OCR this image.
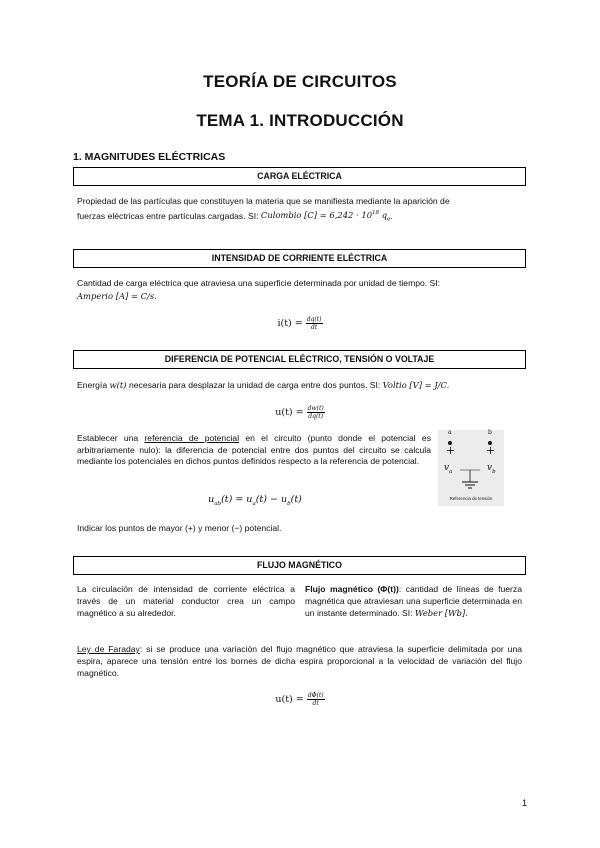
TEORÍA DE CIRCUITOS
TEMA 1. INTRODUCCIÓN
1. MAGNITUDES ELÉCTRICAS
CARGA ELÉCTRICA
Propiedad de las partículas que constituyen la materia que se manifiesta mediante la aparición de
fuerzas eléctricas entre partículas cargadas. SI: Culombio $[C] = 6,242 \cdot 10^{18}$ $q_e$.
INTENSIDAD DE CORRIENTE ELÉCTRICA
Cantidad de carga eléctrica que atraviesa una superficie determinada por unidad de tiempo. SI:
Amperio [A] = C/s.
$i(t) = \frac{dq(t)}{dt}$
DIFERENCIA DE POTENCIAL ELÉCTRICO, TENSIÓN O VOLTAJE
Energía w(t) necesaria para desplazar la unidad de carga entre dos puntos. SI: Voltio [V] = J/C.
$u(t) = \frac{dw(t)}{dq(t)}$
Establecer una referencia de potencial en el circuito (punto donde el potencial es arbitrariamente nulo): la diferencia de potencial entre dos puntos del circuito se calcula mediante los potenciales en dichos puntos definidos respecto a la referencia de potencial.
$u_{ab}(t) = u_a(t) - u_b(t)$
a	b
+	+
$v_a$	$v_b$
Referencia de tensión
Indicar los puntos de mayor (+) y menor (−) potencial.
FLUJO MAGNÉTICO
La circulación de intensidad de corriente eléctrica a través de un material conductor crea un campo magnético a su alrededor.
Flujo magnético (Φ(t)): cantidad de líneas de fuerza magnética que atraviesan una superficie determinada en un instante determinado. SI: Weber [Wb].
Ley de Faraday: si se produce una variación del flujo magnético que atraviesa la superficie delimitada por una espira, aparece una tensión entre los bornes de dicha espira proporcional a la velocidad de variación del flujo magnético.
$u(t) = \frac{d\Phi(t)}{dt}$
1
